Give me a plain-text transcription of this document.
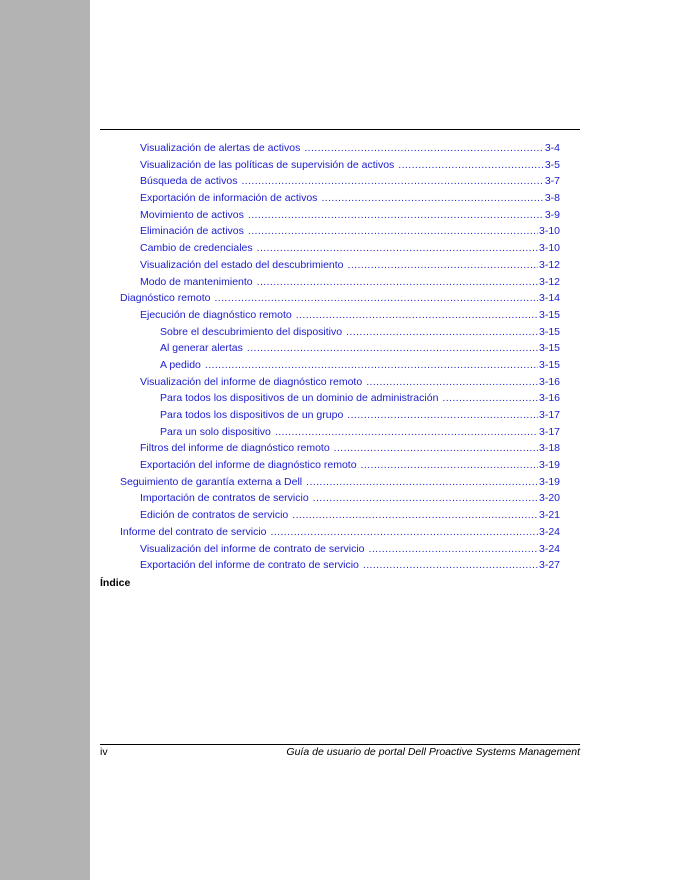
Visualización de alertas de activos .....	3-4
Visualización de las políticas de supervisión de activos .....	3-5
Búsqueda de activos .....	3-7
Exportación de información de activos .....	3-8
Movimiento de activos .....	3-9
Eliminación de activos .....	3-10
Cambio de credenciales .....	3-10
Visualización del estado del descubrimiento .....	3-12
Modo de mantenimiento .....	3-12
Diagnóstico remoto .....	3-14
Ejecución de diagnóstico remoto .....	3-15
Sobre el descubrimiento del dispositivo .....	3-15
Al generar alertas .....	3-15
A pedido .....	3-15
Visualización del informe de diagnóstico remoto .....	3-16
Para todos los dispositivos de un dominio de administración .....	3-16
Para todos los dispositivos de un grupo .....	3-17
Para un solo dispositivo .....	3-17
Filtros del informe de diagnóstico remoto .....	3-18
Exportación del informe de diagnóstico remoto .....	3-19
Seguimiento de garantía externa a Dell .....	3-19
Importación de contratos de servicio .....	3-20
Edición de contratos de servicio .....	3-21
Informe del contrato de servicio .....	3-24
Visualización del informe de contrato de servicio .....	3-24
Exportación del informe de contrato de servicio .....	3-27
Índice
iv	Guía de usuario de portal Dell Proactive Systems Management
